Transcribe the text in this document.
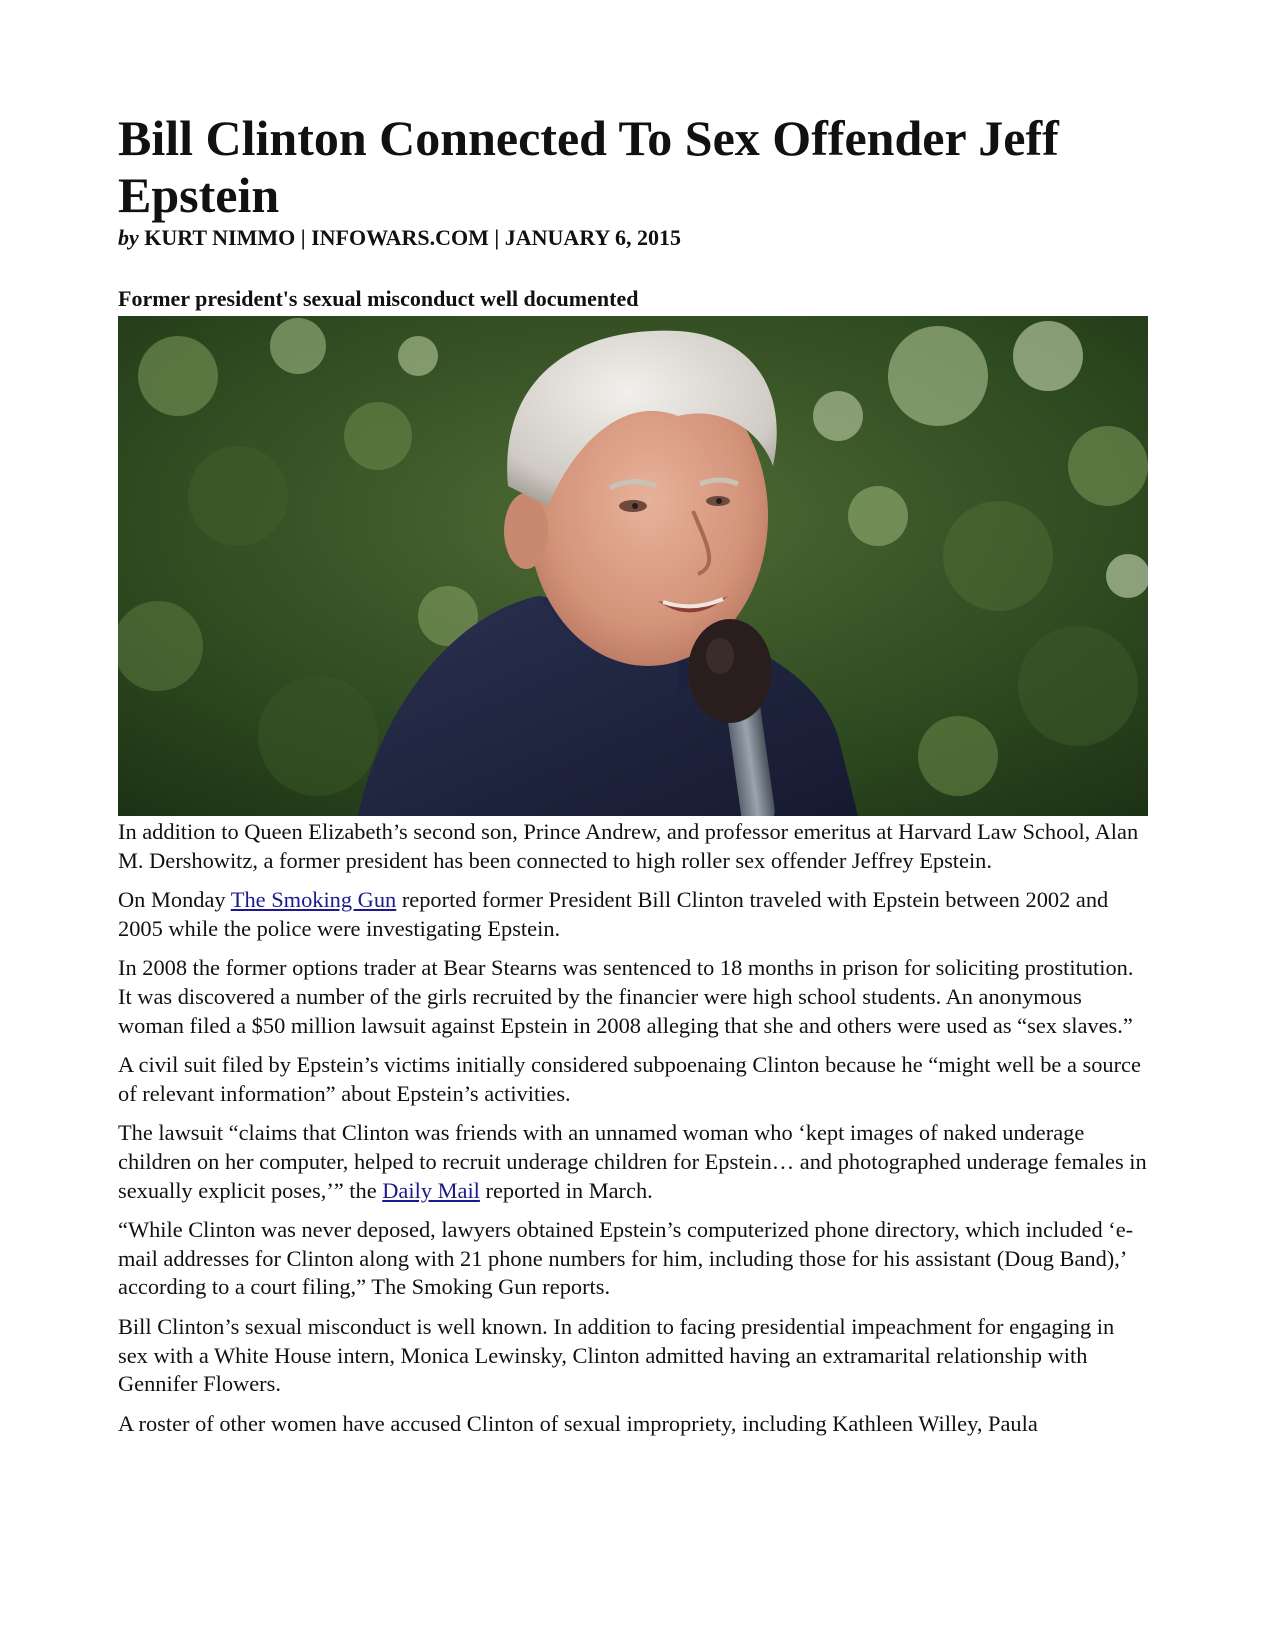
Bill Clinton Connected To Sex Offender Jeff Epstein

by KURT NIMMO | INFOWARS.COM | JANUARY 6, 2015

Former president's sexual misconduct well documented

In addition to Queen Elizabeth’s second son, Prince Andrew, and professor emeritus at Harvard Law School, Alan M. Dershowitz, a former president has been connected to high roller sex offender Jeffrey Epstein.

On Monday The Smoking Gun reported former President Bill Clinton traveled with Epstein between 2002 and 2005 while the police were investigating Epstein.

In 2008 the former options trader at Bear Stearns was sentenced to 18 months in prison for soliciting prostitution. It was discovered a number of the girls recruited by the financier were high school students. An anonymous woman filed a $50 million lawsuit against Epstein in 2008 alleging that she and others were used as “sex slaves.”

A civil suit filed by Epstein’s victims initially considered subpoenaing Clinton because he “might well be a source of relevant information” about Epstein’s activities.

The lawsuit “claims that Clinton was friends with an unnamed woman who ‘kept images of naked underage children on her computer, helped to recruit underage children for Epstein… and photographed underage females in sexually explicit poses,’” the Daily Mail reported in March.

“While Clinton was never deposed, lawyers obtained Epstein’s computerized phone directory, which included ‘e-mail addresses for Clinton along with 21 phone numbers for him, including those for his assistant (Doug Band),’ according to a court filing,” The Smoking Gun reports.

Bill Clinton’s sexual misconduct is well known. In addition to facing presidential impeachment for engaging in sex with a White House intern, Monica Lewinsky, Clinton admitted having an extramarital relationship with Gennifer Flowers.

A roster of other women have accused Clinton of sexual impropriety, including Kathleen Willey, Paula
